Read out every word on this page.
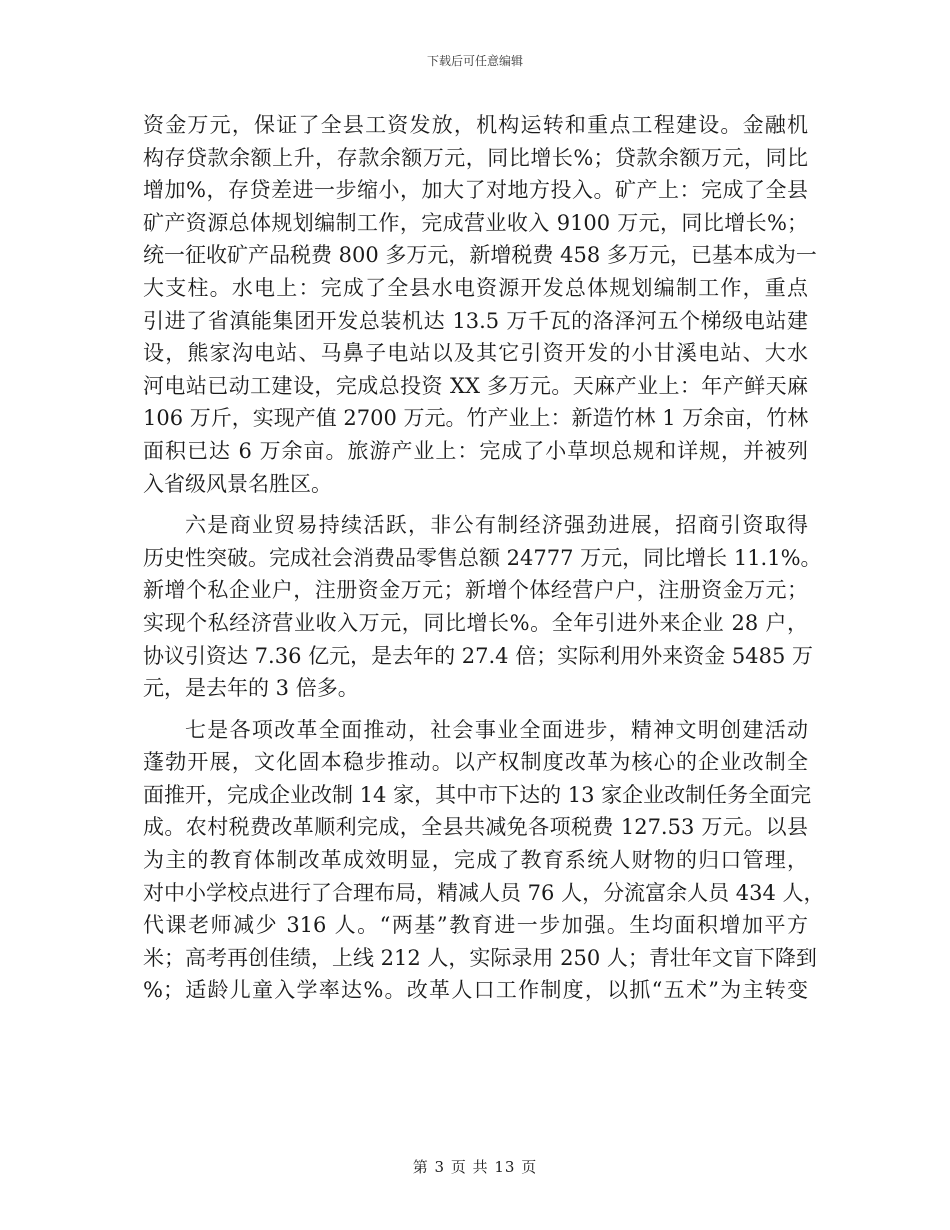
下载后可任意编辑
资金万元，保证了全县工资发放，机构运转和重点工程建设。金融机
构存贷款余额上升，存款余额万元，同比增长%；贷款余额万元，同比
增加%，存贷差进一步缩小，加大了对地方投入。矿产上：完成了全县
矿产资源总体规划编制工作，完成营业收入 9100 万元，同比增长%；
统一征收矿产品税费 800 多万元，新增税费 458 多万元，已基本成为一
大支柱。水电上：完成了全县水电资源开发总体规划编制工作，重点
引进了省滇能集团开发总装机达 13.5 万千瓦的洛泽河五个梯级电站建
设，熊家沟电站、马鼻子电站以及其它引资开发的小甘溪电站、大水
河电站已动工建设，完成总投资 XX 多万元。天麻产业上：年产鲜天麻
106 万斤，实现产值 2700 万元。竹产业上：新造竹林 1 万余亩，竹林
面积已达 6 万余亩。旅游产业上：完成了小草坝总规和详规，并被列
入省级风景名胜区。
六是商业贸易持续活跃，非公有制经济强劲进展，招商引资取得
历史性突破。完成社会消费品零售总额 24777 万元，同比增长 11.1%。
新增个私企业户，注册资金万元；新增个体经营户户，注册资金万元；
实现个私经济营业收入万元，同比增长%。全年引进外来企业 28 户，
协议引资达 7.36 亿元，是去年的 27.4 倍；实际利用外来资金 5485 万
元，是去年的 3 倍多。
七是各项改革全面推动，社会事业全面进步，精神文明创建活动
蓬勃开展，文化固本稳步推动。以产权制度改革为核心的企业改制全
面推开，完成企业改制 14 家，其中市下达的 13 家企业改制任务全面完
成。农村税费改革顺利完成，全县共减免各项税费 127.53 万元。以县
为主的教育体制改革成效明显，完成了教育系统人财物的归口管理，
对中小学校点进行了合理布局，精减人员 76 人，分流富余人员 434 人，
代课老师减少 316 人。“两基”教育进一步加强。生均面积增加平方
米；高考再创佳绩，上线 212 人，实际录用 250 人；青壮年文盲下降到
%；适龄儿童入学率达%。改革人口工作制度，以抓“五术”为主转变
第 3 页 共 13 页
